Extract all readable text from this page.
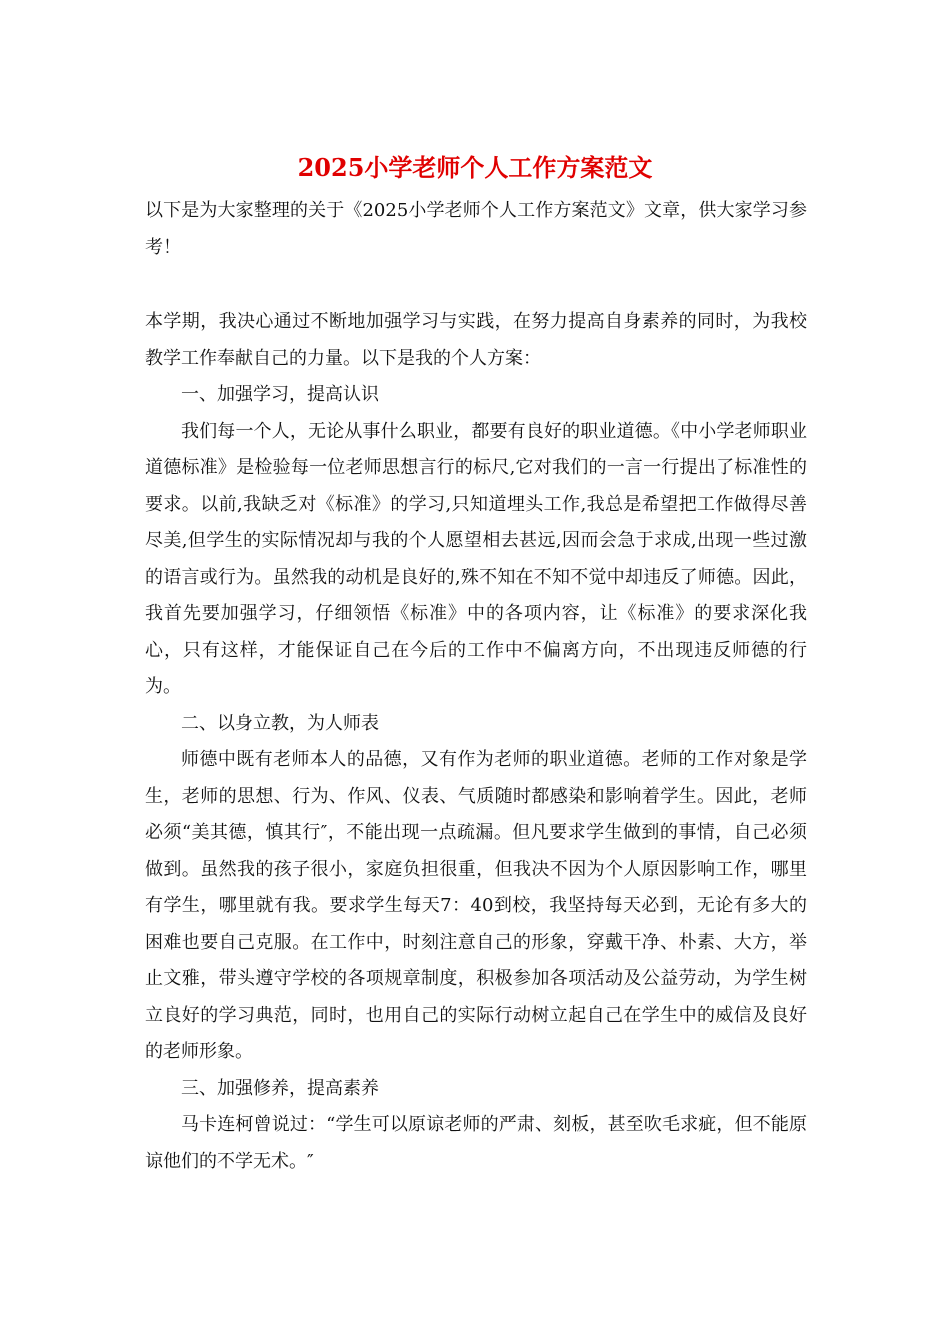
2025小学老师个人工作方案范文

以下是为大家整理的关于《2025小学老师个人工作方案范文》文章，供大家学习参考！

本学期，我决心通过不断地加强学习与实践，在努力提高自身素养的同时，为我校教学工作奉献自己的力量。以下是我的个人方案：

一、加强学习，提高认识

我们每一个人，无论从事什么职业，都要有良好的职业道德。《中小学老师职业道德标准》是检验每一位老师思想言行的标尺,它对我们的一言一行提出了标准性的要求。以前,我缺乏对《标准》的学习,只知道埋头工作,我总是希望把工作做得尽善尽美,但学生的实际情况却与我的个人愿望相去甚远,因而会急于求成,出现一些过激的语言或行为。虽然我的动机是良好的,殊不知在不知不觉中却违反了师德。因此，我首先要加强学习，仔细领悟《标准》中的各项内容，让《标准》的要求深化我心，只有这样，才能保证自己在今后的工作中不偏离方向，不出现违反师德的行为。

二、以身立教，为人师表

师德中既有老师本人的品德，又有作为老师的职业道德。老师的工作对象是学生，老师的思想、行为、作风、仪表、气质随时都感染和影响着学生。因此，老师必须“美其德，慎其行″，不能出现一点疏漏。但凡要求学生做到的事情，自己必须做到。虽然我的孩子很小，家庭负担很重，但我决不因为个人原因影响工作，哪里有学生，哪里就有我。要求学生每天7：40到校，我坚持每天必到，无论有多大的困难也要自己克服。在工作中，时刻注意自己的形象，穿戴干净、朴素、大方，举止文雅，带头遵守学校的各项规章制度，积极参加各项活动及公益劳动，为学生树立良好的学习典范，同时，也用自己的实际行动树立起自己在学生中的威信及良好的老师形象。

三、加强修养，提高素养

马卡连柯曾说过：“学生可以原谅老师的严肃、刻板，甚至吹毛求疵，但不能原谅他们的不学无术。″
